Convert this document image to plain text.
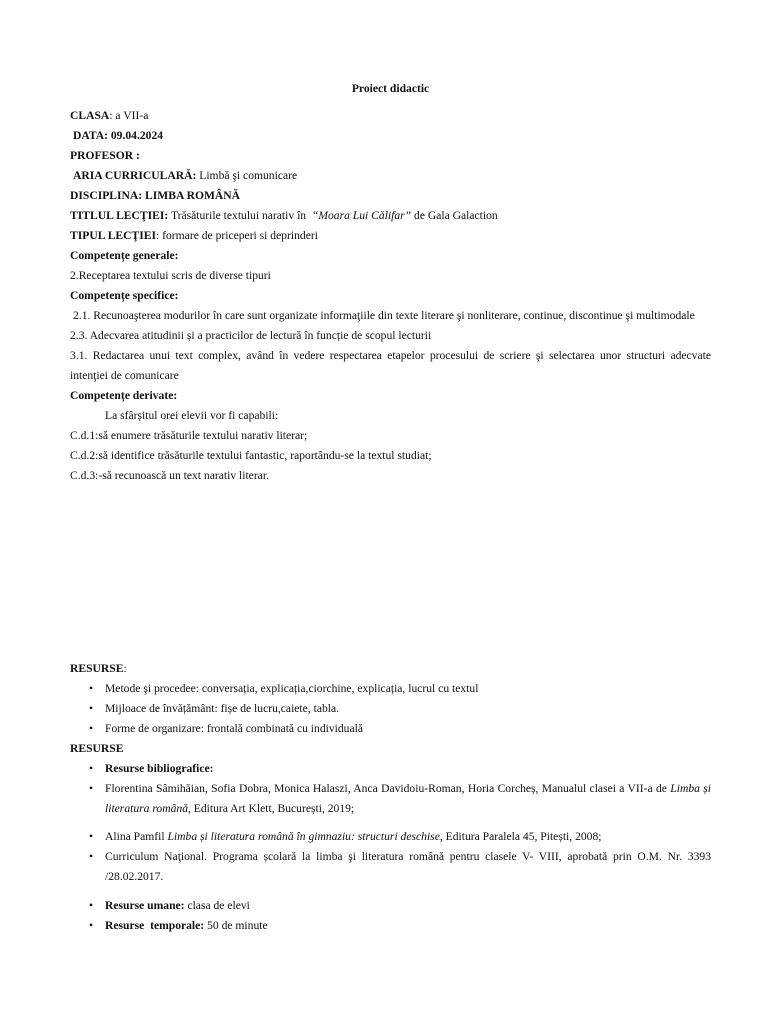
Proiect didactic
CLASA: a VII-a
DATA: 09.04.2024
PROFESOR :
ARIA CURRICULARĂ: Limbă şi comunicare
DISCIPLINA: LIMBA ROMÂNĂ
TITLUL LECŢIEI: Trăsăturile textului narativ în  “Moara Lui Călifar” de Gala Galaction
TIPUL LECŢIEI: formare de priceperi si deprinderi
Competențe generale:
2.Receptarea textului scris de diverse tipuri
Competențe specifice:
2.1. Recunoaşterea modurilor în care sunt organizate informaţiile din texte literare şi nonliterare, continue, discontinue şi multimodale
2.3. Adecvarea atitudinii și a practicilor de lectură în funcție de scopul lecturii
3.1. Redactarea unui text complex, având în vedere respectarea etapelor procesului de scriere şi selectarea unor structuri adecvate
intenţiei de comunicare
Competențe derivate:
La sfârșitul orei elevii vor fi capabili:
C.d.1:să enumere trăsăturile textului narativ literar;
C.d.2:să identifice trăsăturile textului fantastic, raportându-se la textul studiat;
C.d.3:-să recunoască un text narativ literar.
RESURSE:
• Metode şi procedee: conversația, explicația,ciorchine, explicația, lucrul cu textul
• Mijloace de învățământ: fișe de lucru,caiete, tabla.
• Forme de organizare: frontală combinată cu individuală
RESURSE
• Resurse bibliografice:
• Florentina Sâmihăian, Sofia Dobra, Monica Halaszi, Anca Davidoiu-Roman, Horia Corcheș, Manualul clasei a VII-a de Limba și
literatura română, Editura Art Klett, București, 2019;
• Alina Pamfil Limba și literatura română în gimnaziu: structuri deschise, Editura Paralela 45, Pitești, 2008;
• Curriculum Naţional. Programa școlară la limba şi literatura română pentru clasele V- VIII, aprobată prin O.M. Nr. 3393
/28.02.2017.
• Resurse umane: clasa de elevi
• Resurse  temporale: 50 de minute
